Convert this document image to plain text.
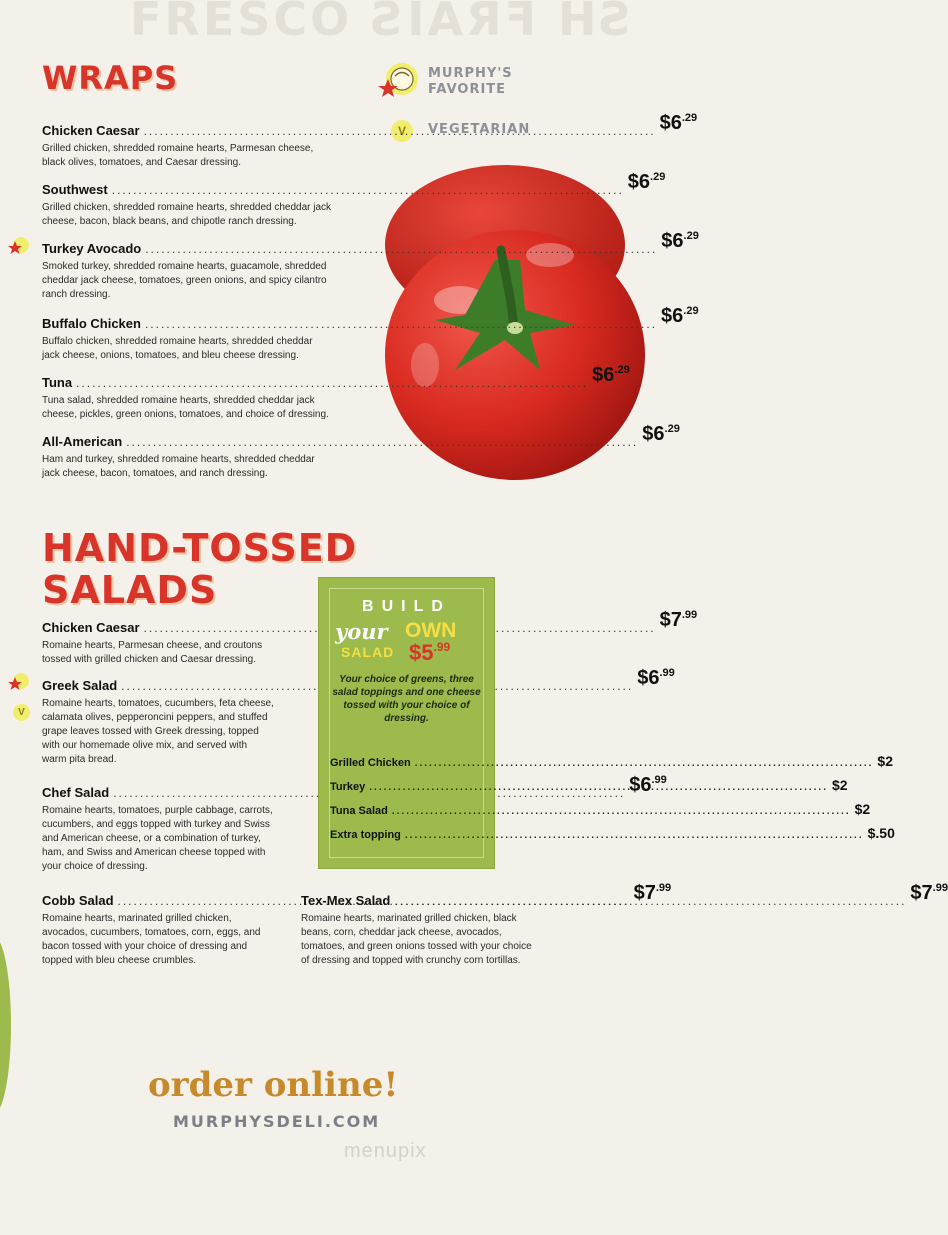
FRESCO ƧIAЯꟻ HƧ
MURPHY'S
FAVORITE
V	VEGETARIAN
WRAPS
Chicken Caesar .....	$\$6^{.29}$
Grilled chicken, shredded romaine hearts, Parmesan cheese, black olives, tomatoes, and Caesar dressing.
Southwest .....	$\$6^{.29}$
Grilled chicken, shredded romaine hearts, shredded cheddar jack cheese, bacon, black beans, and chipotle ranch dressing.
Turkey Avocado .....	$\$6^{.29}$
Smoked turkey, shredded romaine hearts, guacamole, shredded cheddar jack cheese, tomatoes, green onions, and spicy cilantro ranch dressing.
Buffalo Chicken .....	$\$6^{.29}$
Buffalo chicken, shredded romaine hearts, shredded cheddar jack cheese, onions, tomatoes, and bleu cheese dressing.
Tuna .....	$\$6^{.29}$
Tuna salad, shredded romaine hearts, shredded cheddar jack cheese, pickles, green onions, tomatoes, and choice of dressing.
All-American .....	$\$6^{.29}$
Ham and turkey, shredded romaine hearts, shredded cheddar jack cheese, bacon, tomatoes, and ranch dressing.
HAND-TOSSED
SALADS
Chicken Caesar .....	$\$7^{.99}$
Romaine hearts, Parmesan cheese, and croutons tossed with grilled chicken and Caesar dressing.
V
Greek Salad .....	$\$6^{.99}$
Romaine hearts, tomatoes, cucumbers, feta cheese, calamata olives, pepperoncini peppers, and stuffed grape leaves tossed with Greek dressing, topped with our homemade olive mix, and served with warm pita bread.
Chef Salad .....	$\$6^{.99}$
Romaine hearts, tomatoes, purple cabbage, carrots, cucumbers, and eggs topped with turkey and Swiss and American cheese, or a combination of turkey, ham, and Swiss and American cheese topped with your choice of dressing.
Cobb Salad .....	$\$7^{.99}$
Romaine hearts, marinated grilled chicken, avocados, cucumbers, tomatoes, corn, eggs, and bacon tossed with your choice of dressing and topped with bleu cheese crumbles.
Tex-Mex Salad .....	$\$7^{.99}$
Romaine hearts, marinated grilled chicken, black beans, corn, cheddar jack cheese, avocados, tomatoes, and green onions tossed with your choice of dressing and topped with crunchy corn tortillas.
BUILD
your OWN
SALAD $\$5^{.99}$
Your choice of greens, three salad toppings and one cheese tossed with your choice of dressing.
Grilled Chicken .....	$2
Turkey .....	$2
Tuna Salad .....	$2
Extra topping .....	$.50
order online!
MURPHYSDELI.COM
menupix
